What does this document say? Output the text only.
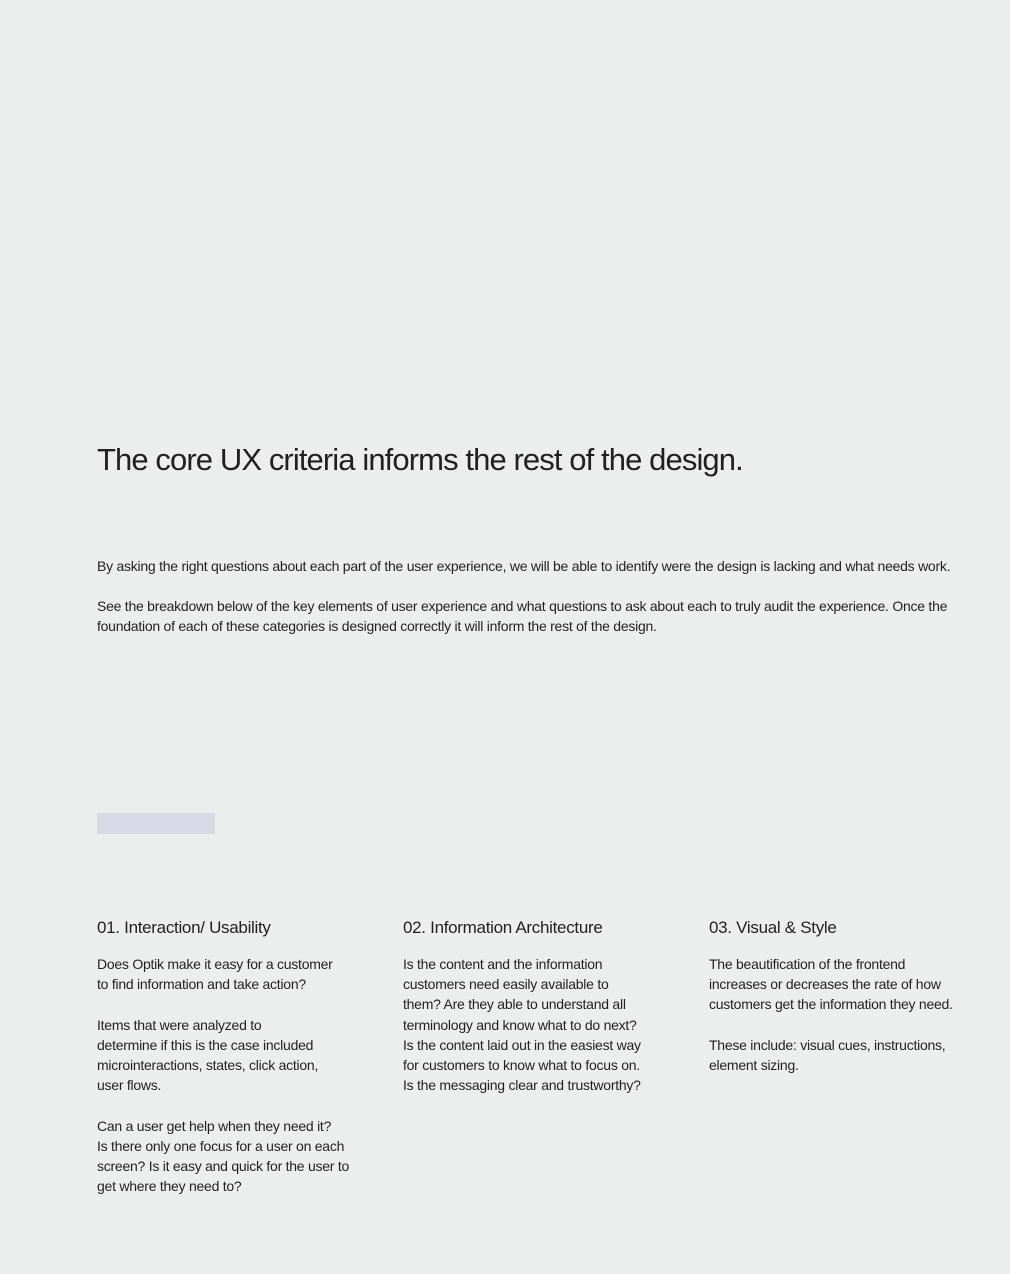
The core UX criteria informs the rest of the design.

By asking the right questions about each part of the user experience, we will be able to identify were the design is lacking and what needs work.

See the breakdown below of the key elements of user experience and what questions to ask about each to truly audit the experience. Once the foundation of each of these categories is designed correctly it will inform the rest of the design.

01. Interaction/ Usability

Does Optik make it easy for a customer
to find information and take action?

Items that were analyzed to
determine if this is the case included
microinteractions, states, click action,
user flows.

Can a user get help when they need it?
Is there only one focus for a user on each
screen? Is it easy and quick for the user to
get where they need to?

02. Information Architecture

Is the content and the information
customers need easily available to
them? Are they able to understand all
terminology and know what to do next?
Is the content laid out in the easiest way
for customers to know what to focus on.
Is the messaging clear and trustworthy?

03. Visual & Style

The beautification of the frontend
increases or decreases the rate of how
customers get the information they need.

These include: visual cues, instructions,
element sizing.
